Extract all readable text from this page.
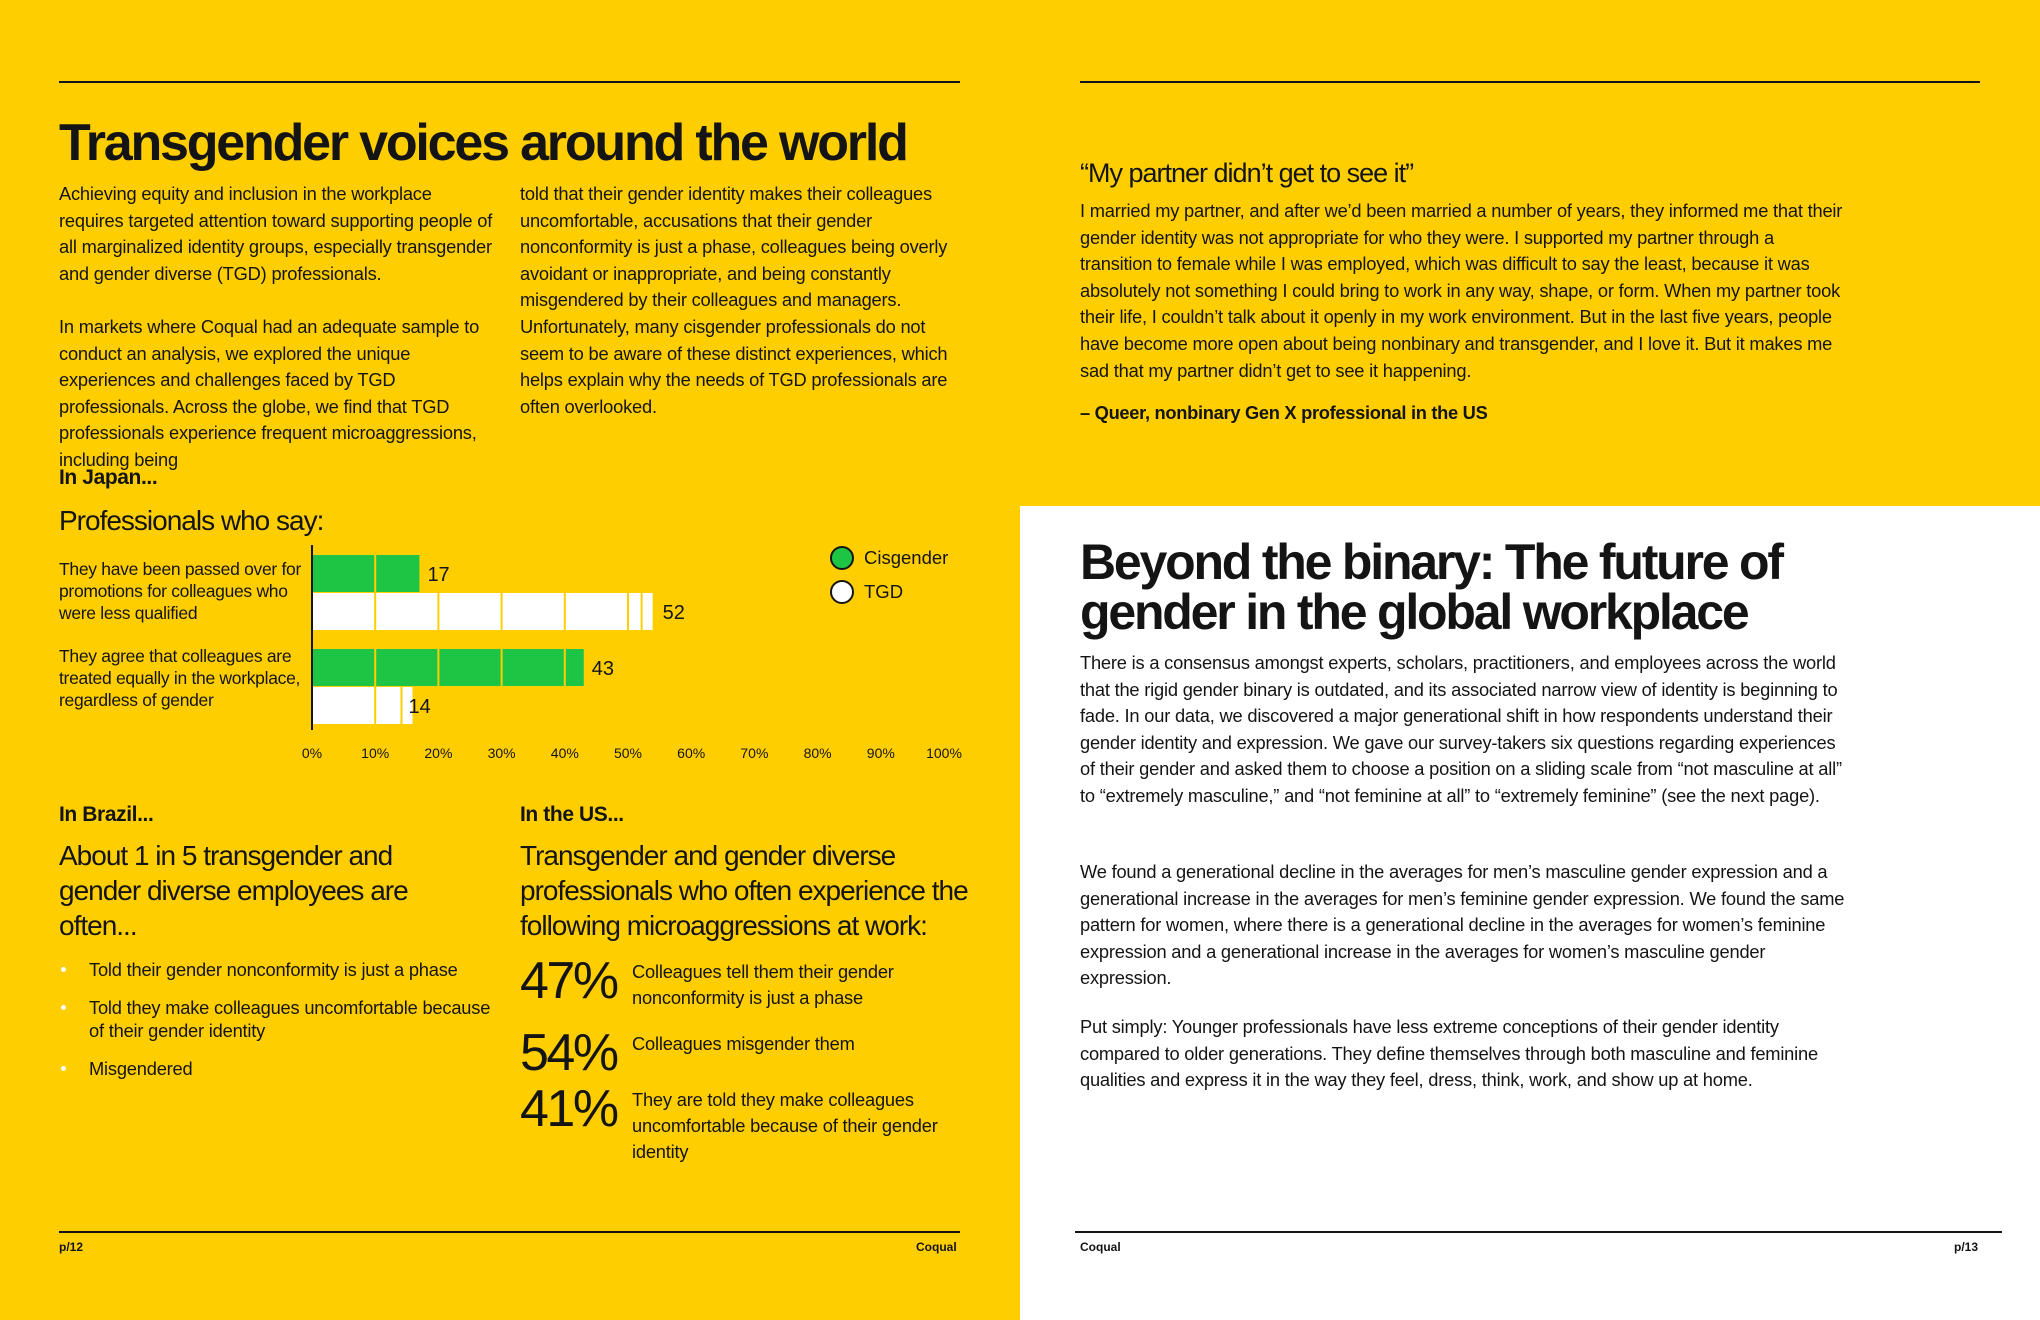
Transgender voices around the world
Achieving equity and inclusion in the workplace requires targeted attention toward supporting people of all marginalized identity groups, especially transgender and gender diverse (TGD) professionals.
In markets where Coqual had an adequate sample to conduct an analysis, we explored the unique experiences and challenges faced by TGD professionals. Across the globe, we find that TGD professionals experience frequent microaggressions, including being
told that their gender identity makes their colleagues uncomfortable, accusations that their gender nonconformity is just a phase, colleagues being overly avoidant or inappropriate, and being constantly misgendered by their colleagues and managers. Unfortunately, many cisgender professionals do not seem to be aware of these distinct experiences, which helps explain why the needs of TGD professionals are often overlooked.
In Japan...
Professionals who say:
They have been passed over for promotions for colleagues who were less qualified
They agree that colleagues are treated equally in the workplace, regardless of gender
Cisgender
TGD
17
52
43
14
0%	10%	20%	30%	40%	50%	60%	70%	80%	90% 100%
In Brazil...
About 1 in 5 transgender and gender diverse employees are often...
Told their gender nonconformity is just a phase
Told they make colleagues uncomfortable because of their gender identity
Misgendered
In the US...
Transgender and gender diverse professionals who often experience the following microaggressions at work:
47% Colleagues tell them their gender nonconformity is just a phase
54% Colleagues misgender them
41% They are told they make colleagues uncomfortable because of their gender identity
p/12	Coqual
“My partner didn’t get to see it”
I married my partner, and after we’d been married a number of years, they informed me that their gender identity was not appropriate for who they were. I supported my partner through a transition to female while I was employed, which was difficult to say the least, because it was absolutely not something I could bring to work in any way, shape, or form. When my partner took their life, I couldn’t talk about it openly in my work environment. But in the last five years, people have become more open about being nonbinary and transgender, and I love it. But it makes me sad that my partner didn’t get to see it happening.
– Queer, nonbinary Gen X professional in the US
Beyond the binary: The future of gender in the global workplace
There is a consensus amongst experts, scholars, practitioners, and employees across the world that the rigid gender binary is outdated, and its associated narrow view of identity is beginning to fade. In our data, we discovered a major generational shift in how respondents understand their gender identity and expression. We gave our survey-takers six questions regarding experiences of their gender and asked them to choose a position on a sliding scale from “not masculine at all” to “extremely masculine,” and “not feminine at all” to “extremely feminine” (see the next page).
We found a generational decline in the averages for men’s masculine gender expression and a generational increase in the averages for men’s feminine gender expression. We found the same pattern for women, where there is a generational decline in the averages for women’s feminine expression and a generational increase in the averages for women’s masculine gender expression.
Put simply: Younger professionals have less extreme conceptions of their gender identity compared to older generations. They define themselves through both masculine and feminine qualities and express it in the way they feel, dress, think, work, and show up at home.
Coqual	p/13
